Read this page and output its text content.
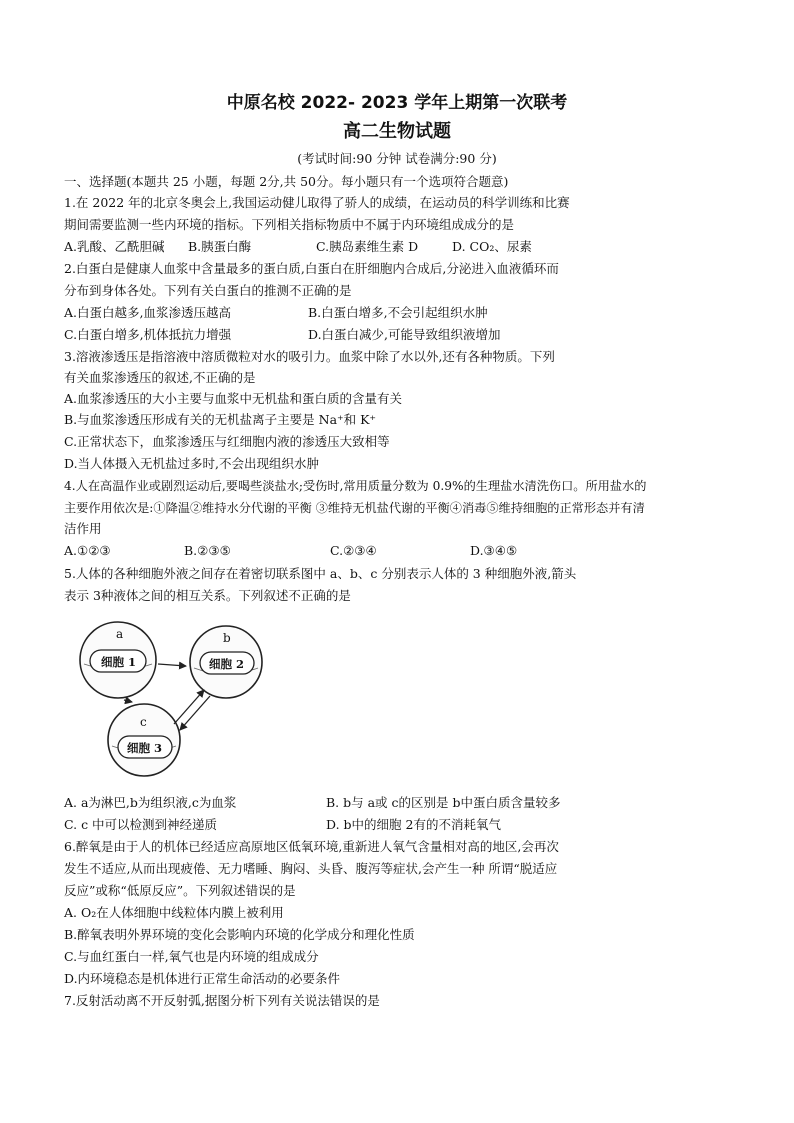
中原名校 2022- 2023 学年上期第一次联考
高二生物试题
(考试时间:90 分钟 试卷满分:90 分)
一、选择题(本题共 25 小题，每题 2分,共 50分。每小题只有一个选项符合题意)
1.在 2022 年的北京冬奥会上,我国运动健儿取得了骄人的成绩，在运动员的科学训练和比赛
期间需要监测一些内环境的指标。下列相关指标物质中不属于内环境组成成分的是
A.乳酸、乙酰胆碱 B.胰蛋白酶	C.胰岛素维生素 D	D. CO₂、尿素
2.白蛋白是健康人血浆中含量最多的蛋白质,白蛋白在肝细胞内合成后,分泌进入血液循环而
分布到身体各处。下列有关白蛋白的推测不正确的是
A.白蛋白越多,血浆渗透压越高	B.白蛋白增多,不会引起组织水肿
C.白蛋白增多,机体抵抗力增强	D.白蛋白减少,可能导致组织液增加
3.溶液渗透压是指溶液中溶质微粒对水的吸引力。血浆中除了水以外,还有各种物质。下列
有关血浆渗透压的叙述,不正确的是
A.血浆渗透压的大小主要与血浆中无机盐和蛋白质的含量有关
B.与血浆渗透压形成有关的无机盐离子主要是 Na⁺和 K⁺
C.正常状态下，血浆渗透压与红细胞内液的渗透压大致相等
D.当人体摄入无机盐过多时,不会出现组织水肿
4.人在高温作业或剧烈运动后,要喝些淡盐水;受伤时,常用质量分数为 0.9%的生理盐水清洗伤口。所用盐水的
主要作用依次是:①降温②维持水分代谢的平衡 ③维持无机盐代谢的平衡④消毒⑤维持细胞的正常形态并有清
洁作用
A.①②③	B.②③⑤	C.②③④	D.③④⑤
5.人体的各种细胞外液之间存在着密切联系图中 a、b、c 分别表示人体的 3 种细胞外液,箭头
表示 3种液体之间的相互关系。下列叙述不正确的是
a
细胞 1
b
细胞 2
c
细胞 3
A. a为淋巴,b为组织液,c为血浆	B. b与 a或 c的区别是 b中蛋白质含量较多
C. c 中可以检测到神经递质	D. b中的细胞 2有的不消耗氧气
6.醉氧是由于人的机体已经适应高原地区低氧环境,重新进人氧气含量相对高的地区,会再次
发生不适应,从而出现疲倦、无力嗜睡、胸闷、头昏、腹泻等症状,会产生一种 所谓“脱适应
反应”或称“低原反应”。下列叙述错误的是
A. O₂在人体细胞中线粒体内膜上被利用
B.醉氧表明外界环境的变化会影响内环境的化学成分和理化性质
C.与血红蛋白一样,氧气也是内环境的组成成分
D.内环境稳态是机体进行正常生命活动的必要条件
7.反射活动离不开反射弧,据图分析下列有关说法错误的是
